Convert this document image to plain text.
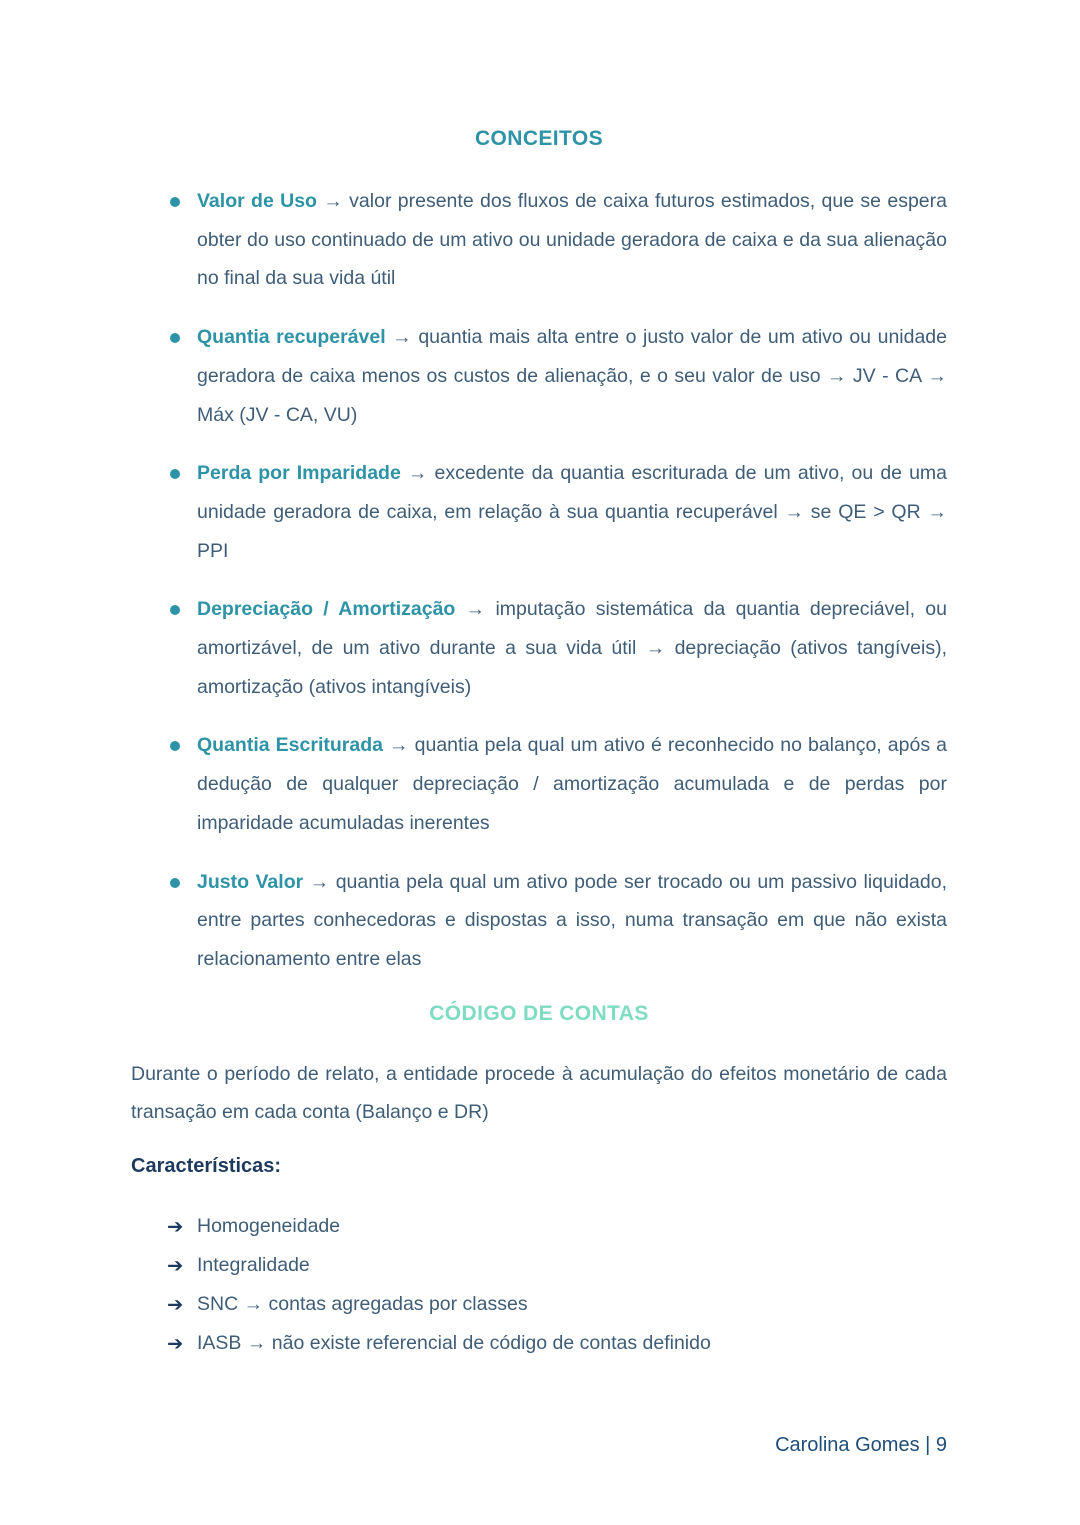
CONCEITOS
Valor de Uso → valor presente dos fluxos de caixa futuros estimados, que se espera obter do uso continuado de um ativo ou unidade geradora de caixa e da sua alienação no final da sua vida útil
Quantia recuperável → quantia mais alta entre o justo valor de um ativo ou unidade geradora de caixa menos os custos de alienação, e o seu valor de uso → JV - CA → Máx (JV - CA, VU)
Perda por Imparidade → excedente da quantia escriturada de um ativo, ou de uma unidade geradora de caixa, em relação à sua quantia recuperável → se QE > QR → PPI
Depreciação / Amortização → imputação sistemática da quantia depreciável, ou amortizável, de um ativo durante a sua vida útil → depreciação (ativos tangíveis), amortização (ativos intangíveis)
Quantia Escriturada → quantia pela qual um ativo é reconhecido no balanço, após a dedução de qualquer depreciação / amortização acumulada e de perdas por imparidade acumuladas inerentes
Justo Valor → quantia pela qual um ativo pode ser trocado ou um passivo liquidado, entre partes conhecedoras e dispostas a isso, numa transação em que não exista relacionamento entre elas
CÓDIGO DE CONTAS

Durante o período de relato, a entidade procede à acumulação do efeitos monetário de cada transação em cada conta (Balanço e DR)

Características:
➔ Homogeneidade
➔ Integralidade
➔ SNC → contas agregadas por classes
➔ IASB → não existe referencial de código de contas definido
Carolina Gomes | 9
